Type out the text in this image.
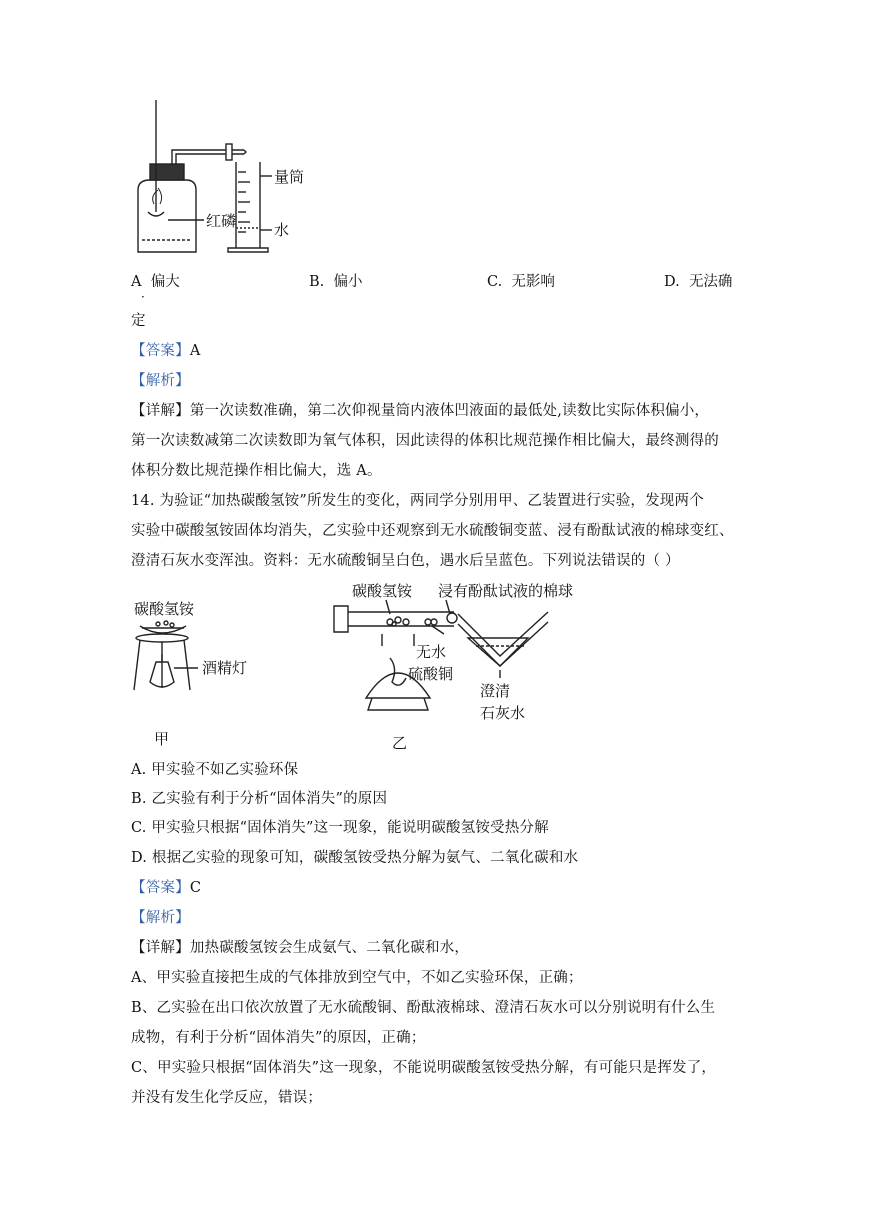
量筒
红磷	水
A 偏大	B. 偏小	C. 无影响	D. 无法确
·
定
【答案】A
【解析】
【详解】第一次读数准确，第二次仰视量筒内液体凹液面的最低处,读数比实际体积偏小，
第一次读数减第二次读数即为氧气体积，因此读得的体积比规范操作相比偏大，最终测得的
体积分数比规范操作相比偏大，选 A。
14. 为验证“加热碳酸氢铵”所发生的变化，两同学分别用甲、乙装置进行实验，发现两个
实验中碳酸氢铵固体均消失，乙实验中还观察到无水硫酸铜变蓝、浸有酚酞试液的棉球变红、
澄清石灰水变浑浊。资料：无水硫酸铜呈白色，遇水后呈蓝色。下列说法错误的（ ）
碳酸氢铵
酒精灯
甲
碳酸氢铵 浸有酚酞试液的棉球
无水
硫酸铜
澄清
石灰水
乙
A. 甲实验不如乙实验环保
B. 乙实验有利于分析“固体消失”的原因
C. 甲实验只根据“固体消失”这一现象，能说明碳酸氢铵受热分解
D. 根据乙实验的现象可知，碳酸氢铵受热分解为氨气、二氧化碳和水
【答案】C
【解析】
【详解】加热碳酸氢铵会生成氨气、二氧化碳和水，
A、甲实验直接把生成的气体排放到空气中，不如乙实验环保，正确；
B、乙实验在出口依次放置了无水硫酸铜、酚酞液棉球、澄清石灰水可以分别说明有什么生
成物，有利于分析“固体消失”的原因，正确；
C、甲实验只根据“固体消失”这一现象，不能说明碳酸氢铵受热分解，有可能只是挥发了，
并没有发生化学反应，错误；
